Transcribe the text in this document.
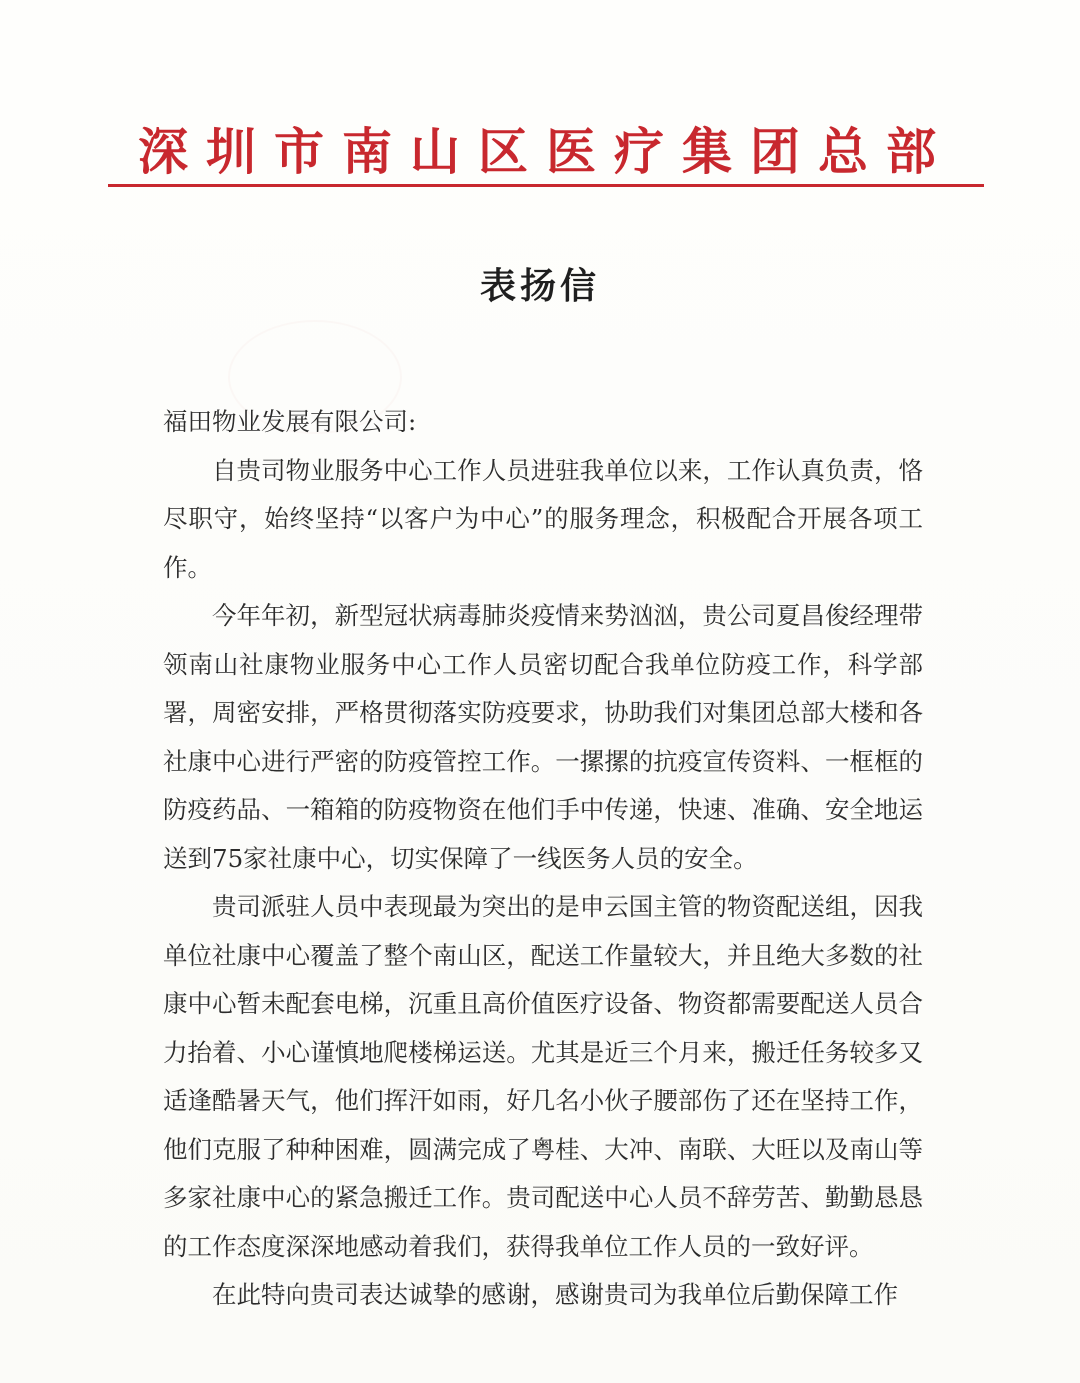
深圳市南山区医疗集团总部
表扬信

福田物业发展有限公司:

自贵司物业服务中心工作人员进驻我单位以来，工作认真负责，恪尽职守，始终坚持“以客户为中心”的服务理念，积极配合开展各项工作。

今年年初，新型冠状病毒肺炎疫情来势汹汹，贵公司夏昌俊经理带领南山社康物业服务中心工作人员密切配合我单位防疫工作，科学部署，周密安排，严格贯彻落实防疫要求，协助我们对集团总部大楼和各社康中心进行严密的防疫管控工作。一摞摞的抗疫宣传资料、一框框的防疫药品、一箱箱的防疫物资在他们手中传递，快速、准确、安全地运送到75家社康中心，切实保障了一线医务人员的安全。

贵司派驻人员中表现最为突出的是申云国主管的物资配送组，因我单位社康中心覆盖了整个南山区，配送工作量较大，并且绝大多数的社康中心暂未配套电梯，沉重且高价值医疗设备、物资都需要配送人员合力抬着、小心谨慎地爬楼梯运送。尤其是近三个月来，搬迁任务较多又适逢酷暑天气，他们挥汗如雨，好几名小伙子腰部伤了还在坚持工作，他们克服了种种困难，圆满完成了粤桂、大冲、南联、大旺以及南山等多家社康中心的紧急搬迁工作。贵司配送中心人员不辞劳苦、勤勤恳恳的工作态度深深地感动着我们，获得我单位工作人员的一致好评。

在此特向贵司表达诚挚的感谢，感谢贵司为我单位后勤保障工作
